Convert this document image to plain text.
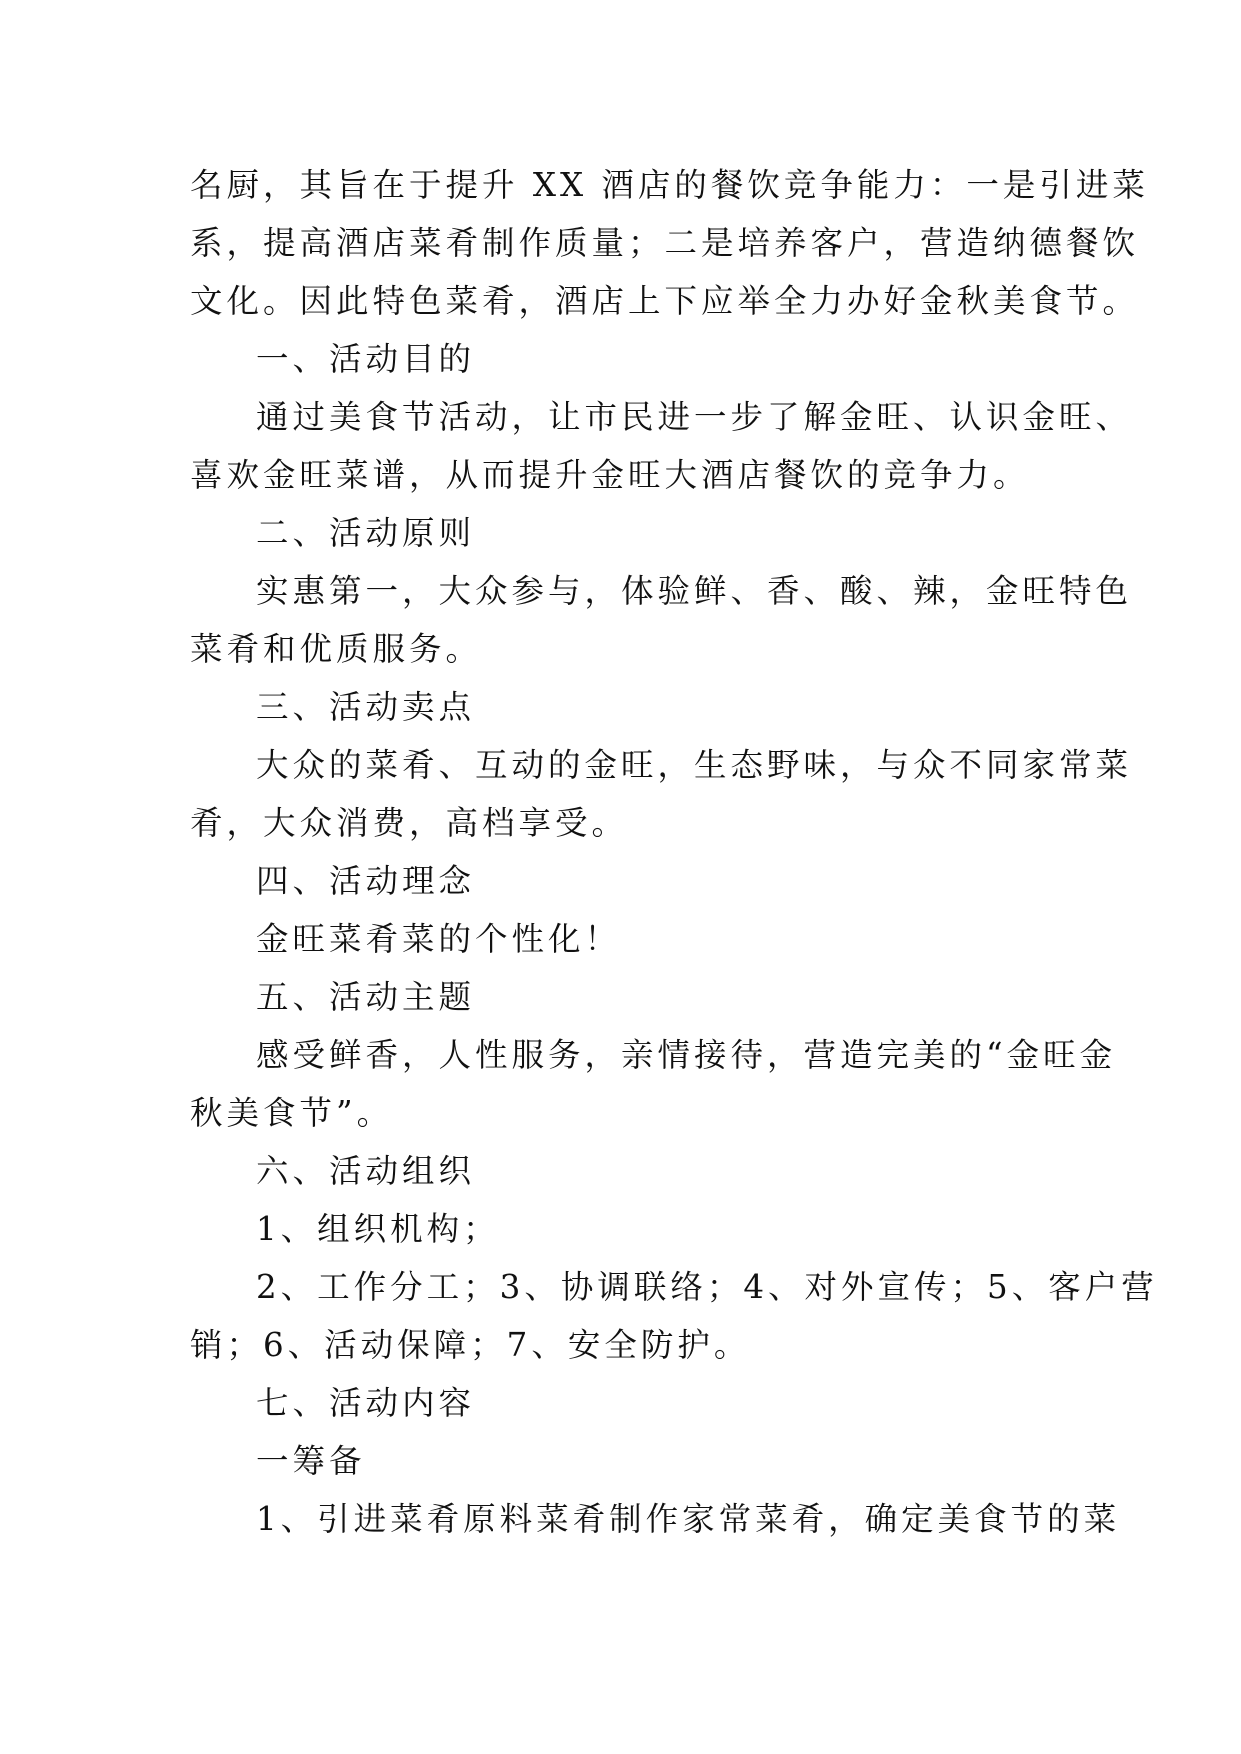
名厨，其旨在于提升 XX 酒店的餐饮竞争能力：一是引进菜

系，提高酒店菜肴制作质量；二是培养客户，营造纳德餐饮

文化。因此特色菜肴，酒店上下应举全力办好金秋美食节。

一、活动目的

通过美食节活动，让市民进一步了解金旺、认识金旺、

喜欢金旺菜谱，从而提升金旺大酒店餐饮的竞争力。

二、活动原则

实惠第一，大众参与，体验鲜、香、酸、辣，金旺特色

菜肴和优质服务。

三、活动卖点

大众的菜肴、互动的金旺，生态野味，与众不同家常菜

肴，大众消费，高档享受。

四、活动理念

金旺菜肴菜的个性化！

五、活动主题

感受鲜香，人性服务，亲情接待，营造完美的“金旺金

秋美食节”。

六、活动组织

1、组织机构；

2、工作分工；3、协调联络；4、对外宣传；5、客户营

销；6、活动保障；7、安全防护。

七、活动内容

一筹备

1、引进菜肴原料菜肴制作家常菜肴，确定美食节的菜
